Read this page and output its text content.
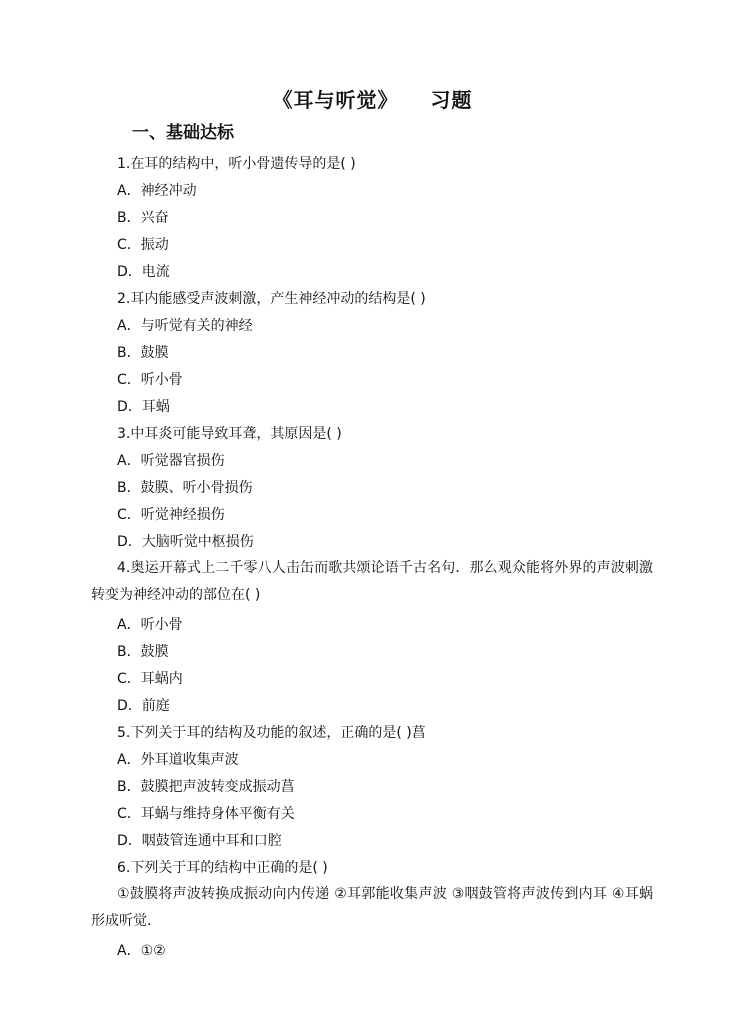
《耳与听觉》    习题
一、基础达标
1.在耳的结构中，听小骨遗传导的是( )
A．神经冲动
B．兴奋
C．振动
D．电流
2.耳内能感受声波刺激，产生神经冲动的结构是( )
A．与听觉有关的神经
B．鼓膜
C．听小骨
D．耳蜗
3.中耳炎可能导致耳聋，其原因是( )
A．听觉器官损伤
B．鼓膜、听小骨损伤
C．听觉神经损伤
D．大脑听觉中枢损伤
4.奥运开幕式上二千零八人击缶而歌共颂论语千古名句．那么观众能将外界的声波刺激转变为神经冲动的部位在( )
A．听小骨
B．鼓膜
C．耳蜗内
D．前庭
5.下列关于耳的结构及功能的叙述，正确的是( )菖
A．外耳道收集声波
B．鼓膜把声波转变成振动菖
C．耳蜗与维持身体平衡有关
D．咽鼓管连通中耳和口腔
6.下列关于耳的结构中正确的是( )
①鼓膜将声波转换成振动向内传递 ②耳郭能收集声波 ③咽鼓管将声波传到内耳 ④耳蜗形成听觉．
A．①②
